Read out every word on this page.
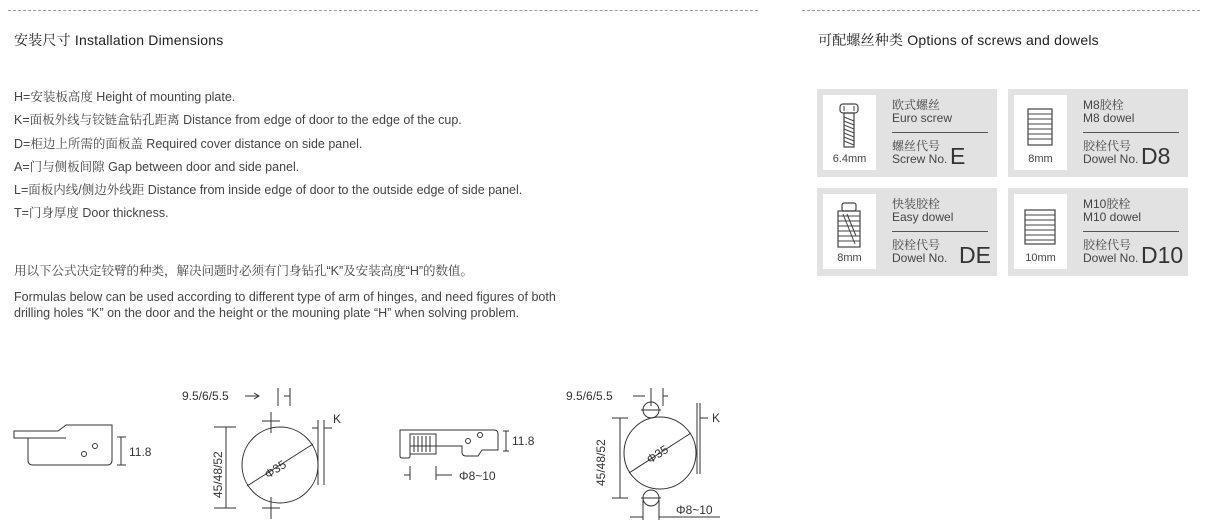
安装尺寸 Installation Dimensions
H=安装板高度 Height of mounting plate.
K=面板外线与铰链盒钻孔距离 Distance from edge of door to the edge of the cup.
D=柜边上所需的面板盖 Required cover distance on side panel.
A=门与侧板间隙 Gap between door and side panel.
L=面板内线/侧边外线距 Distance from inside edge of door to the outside edge of side panel.
T=门身厚度 Door thickness.
用以下公式决定铰臂的种类，解决问题时必须有门身钻孔“K”及安装高度“H”的数值。
Formulas below can be used according to different type of arm of hinges, and need figures of both
drilling holes “K” on the door and the height or the mouning plate “H” when solving problem.
可配螺丝种类 Options of screws and dowels
6.4mm
欧式螺丝
Euro screw
螺丝代号
Screw No. E	8mm
M8胶栓
M8 dowel
胶栓代号
Dowel No. D8
8mm
快装胶栓
Easy dowel
胶栓代号
Dowel No. DE	10mm
M10胶栓
M10 dowel
胶栓代号
Dowel No. D10
11.8
9.5/6/5.5
K
45/48/52	Φ35
11.8
Φ8~10
9.5/6/5.5
K
45/48/52	Φ35
Φ8~10
